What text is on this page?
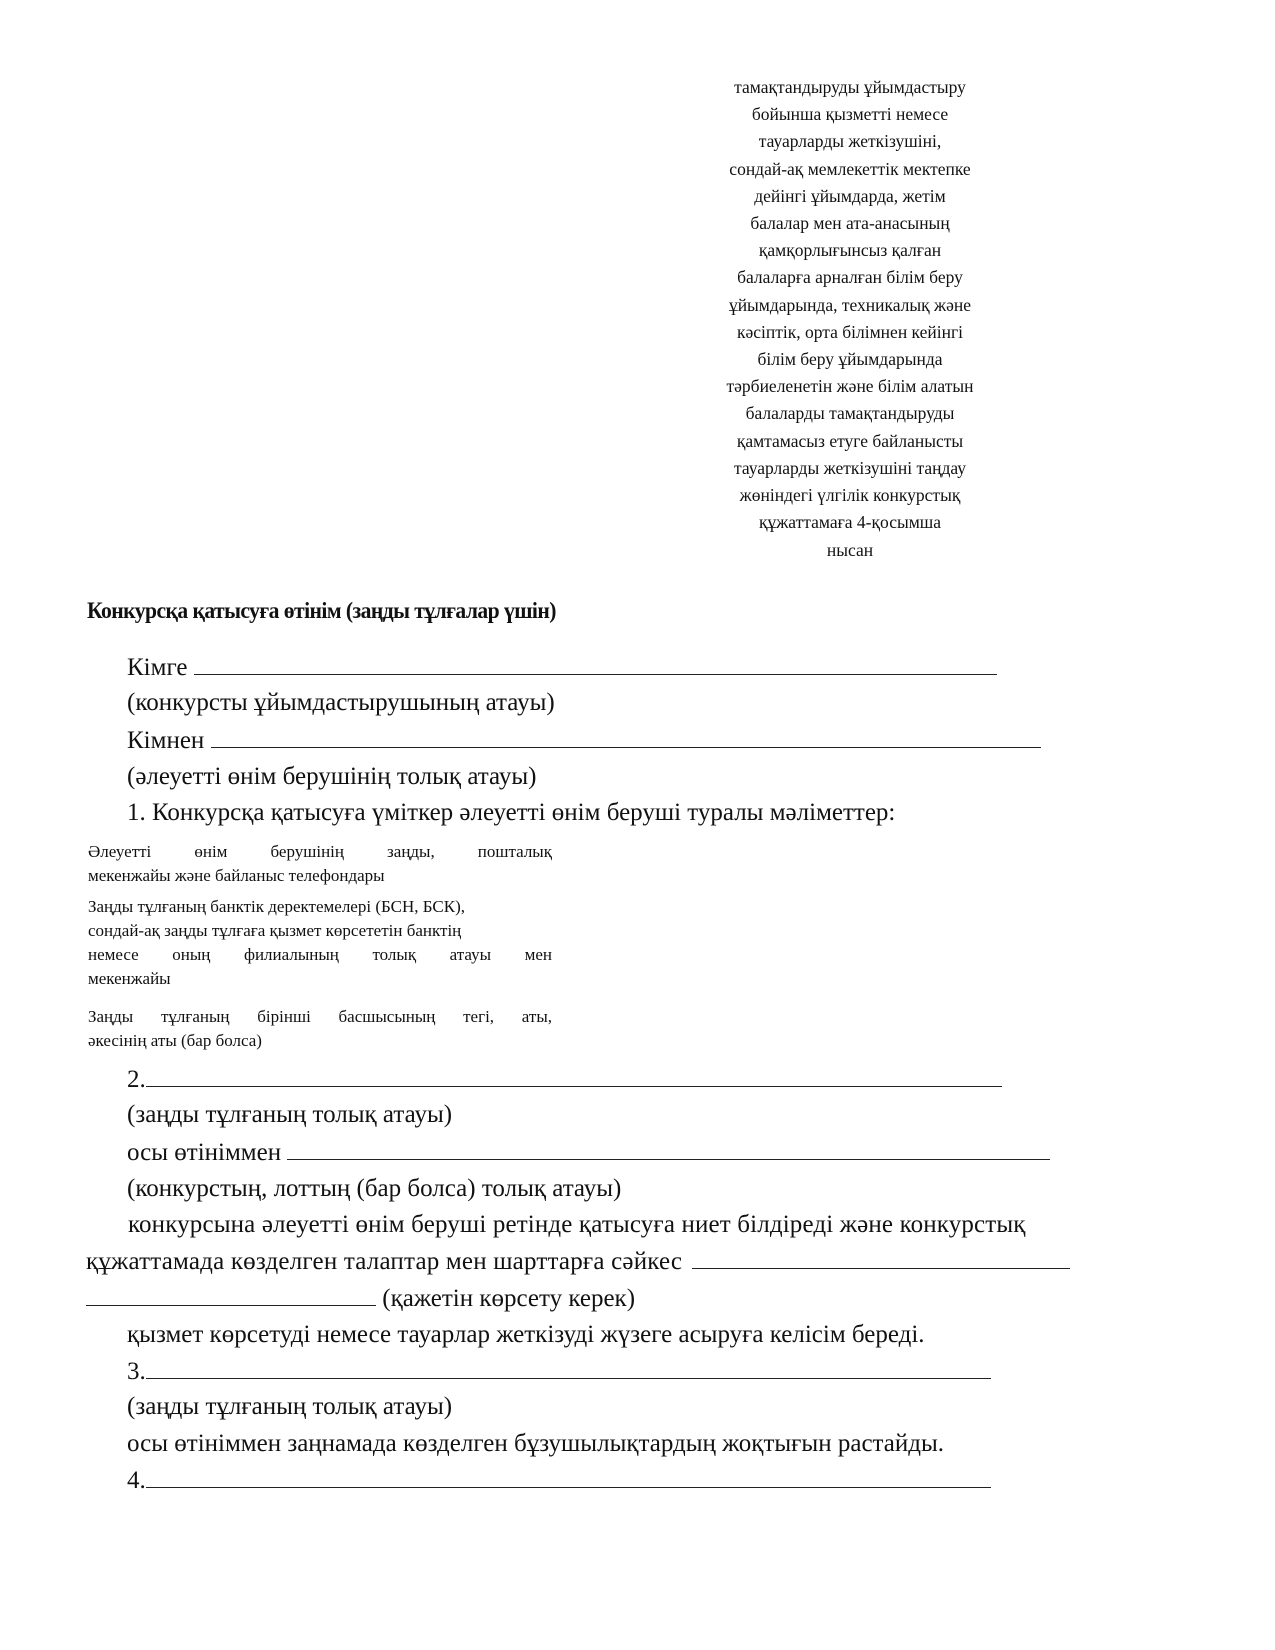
тамақтандыруды ұйымдастыру
бойынша қызметті немесе
тауарларды жеткізушіні,
сондай-ақ мемлекеттік мектепке
дейінгі ұйымдарда, жетім
балалар мен ата-анасының
қамқорлығынсыз қалған
балаларға арналған білім беру
ұйымдарында, техникалық және
кәсіптік, орта білімнен кейінгі
білім беру ұйымдарында
тәрбиеленетін және білім алатын
балаларды тамақтандыруды
қамтамасыз етуге байланысты
тауарларды жеткізушіні таңдау
жөніндегі үлгілік конкурстық
құжаттамаға 4-қосымша
нысан
Конкурсқа қатысуға өтінім (заңды тұлғалар үшін)
Кімге
(конкурсты ұйымдастырушының атауы)
Кімнен
(әлеуетті өнім берушінің толық атауы)
1. Конкурсқа қатысуға үміткер әлеуетті өнім беруші туралы мәліметтер:
Әлеуетті өнім берушінің заңды, пошталық
мекенжайы және байланыс телефондары
Заңды тұлғаның банктік деректемелері (БСН, БСК),
сондай-ақ заңды тұлғаға қызмет көрсететін банктің
немесе оның филиалының толық атауы мен
мекенжайы
Заңды тұлғаның бірінші басшысының тегі, аты,
әкесінің аты (бар болса)
2.
(заңды тұлғаның толық атауы)
осы өтініммен
(конкурстың, лоттың (бар болса) толық атауы)
конкурсына әлеуетті өнім беруші ретінде қатысуға ниет білдіреді және конкурстық
құжаттамада көзделген талаптар мен шарттарға сәйкес
(қажетін көрсету керек)
қызмет көрсетуді немесе тауарлар жеткізуді жүзеге асыруға келісім береді.
3.
(заңды тұлғаның толық атауы)
осы өтініммен заңнамада көзделген бұзушылықтардың жоқтығын растайды.
4.
